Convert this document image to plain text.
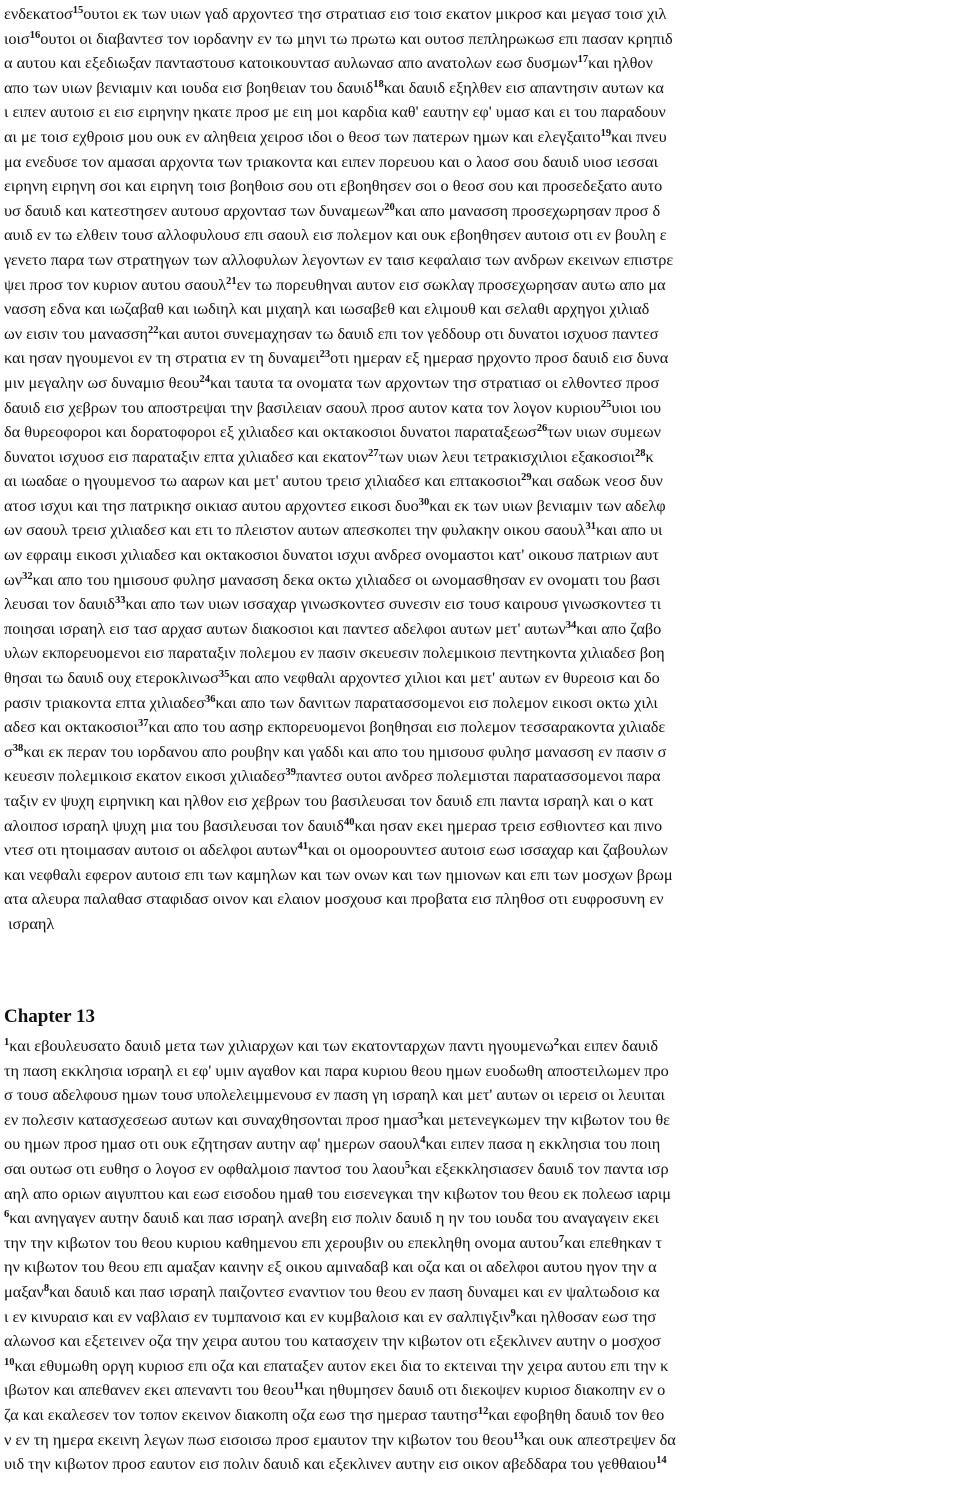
ενδεκατοσ$^{15}$ουτοι εκ των υιων γαδ αρχοντεσ τησ στρατιασ εισ τοισ εκατον μικροσ και μεγασ τοισ χιλ
ιοισ$^{16}$ουτοι οι διαβαντεσ τον ιορδανην εν τω μηνι τω πρωτω και ουτοσ πεπληρωκωσ επι πασαν κρηπιδ
α αυτου και εξεδιωξαν πανταστουσ κατοικουντασ αυλωνασ απο ανατολων εωσ δυσμων$^{17}$και ηλθον
απο των υιων βενιαμιν και ιουδα εισ βοηθειαν του δαυιδ$^{18}$και δαυιδ εξηλθεν εισ απαντησιν αυτων κα
ι ειπεν αυτοισ ει εισ ειρηνην ηκατε προσ με ειη μοι καρδια καθ' εαυτην εφ' υμασ και ει του παραδουν
αι με τοισ εχθροισ μου ουκ εν αληθεια χειροσ ιδοι ο θεοσ των πατερων ημων και ελεγξαιτο$^{19}$και πνευ
μα ενεδυσε τον αμασαι αρχοντα των τριακοντα και ειπεν πορευου και ο λαοσ σου δαυιδ υιοσ ιεσσαι
ειρηνη ειρηνη σοι και ειρηνη τοισ βοηθοισ σου οτι εβοηθησεν σοι ο θεοσ σου και προσεδεξατο αυτο
υσ δαυιδ και κατεστησεν αυτουσ αρχοντασ των δυναμεων$^{20}$και απο μανασση προσεχωρησαν προσ δ
αυιδ εν τω ελθειν τουσ αλλοφυλουσ επι σαουλ εισ πολεμον και ουκ εβοηθησεν αυτοισ οτι εν βουλη ε
γενετο παρα των στρατηγων των αλλοφυλων λεγοντων εν ταισ κεφαλαισ των ανδρων εκεινων επιστρε
ψει προσ τον κυριον αυτου σαουλ$^{21}$εν τω πορευθηναι αυτον εισ σωκλαγ προσεχωρησαν αυτω απο μα
νασση εδνα και ιωζαβαθ και ιωδιηλ και μιχαηλ και ιωσαβεθ και ελιμουθ και σελαθι αρχηγοι χιλιαδ
ων εισιν του μανασση$^{22}$και αυτοι συνεμαχησαν τω δαυιδ επι τον γεδδουρ οτι δυνατοι ισχυοσ παντεσ
και ησαν ηγουμενοι εν τη στρατια εν τη δυναμει$^{23}$οτι ημεραν εξ ημερασ ηρχοντο προσ δαυιδ εισ δυνα
μιν μεγαλην ωσ δυναμισ θεου$^{24}$και ταυτα τα ονοματα των αρχοντων τησ στρατιασ οι ελθοντεσ προσ
δαυιδ εισ χεβρων του αποστρεψαι την βασιλειαν σαουλ προσ αυτον κατα τον λογον κυριου$^{25}$υιοι ιου
δα θυρεοφοροι και δορατοφοροι εξ χιλιαδεσ και οκτακοσιοι δυνατοι παραταξεωσ$^{26}$των υιων συμεων
δυνατοι ισχυοσ εισ παραταξιν επτα χιλιαδεσ και εκατον$^{27}$των υιων λευι τετρακισχιλιοι εξακοσιοι$^{28}$κ
αι ιωαδαε ο ηγουμενοσ τω ααρων και μετ' αυτου τρεισ χιλιαδεσ και επτακοσιοι$^{29}$και σαδωκ νεοσ δυν
ατοσ ισχυι και τησ πατρικησ οικιασ αυτου αρχοντεσ εικοσι δυο$^{30}$και εκ των υιων βενιαμιν των αδελφ
ων σαουλ τρεισ χιλιαδεσ και ετι το πλειστον αυτων απεσκοπει την φυλακην οικου σαουλ$^{31}$και απο υι
ων εφραιμ εικοσι χιλιαδεσ και οκτακοσιοι δυνατοι ισχυι ανδρεσ ονομαστοι κατ' οικουσ πατριων αυτ
$\omega\nu^{32}\kappa\alpha\iota$ απο του ημισουσ φυλησ μανασση δεκα οκτω χιλιαδεσ οι ωνομασθησαν εν ονοματι του βασι
λευσαι τον δαυιδ$^{33}$και απο των υιων ισσαχαρ γινωσκοντεσ συνεσιν εισ τουσ καιρουσ γινωσκοντεσ τι
ποιησαι ισραηλ εισ τασ αρχασ αυτων διακοσιοι και παντεσ αδελφοι αυτων μετ' αυτων$^{34}$και απο ζαβο
υλων εκπορευομενοι εισ παραταξιν πολεμου εν πασιν σκευεσιν πολεμικοισ πεντηκοντα χιλιαδεσ βοη
θησαι τω δαυιδ ουχ ετεροκλινωσ$^{35}$και απο νεφθαλι αρχοντεσ χιλιοι και μετ' αυτων εν θυρεοισ και δο
ρασιν τριακοντα επτα χιλιαδεσ$^{36}$και απο των δανιτων παρατασσομενοι εισ πολεμον εικοσι οκτω χιλι
αδεσ και οκτακοσιοι$^{37}$και απο του ασηρ εκπορευομενοι βοηθησαι εισ πολεμον τεσσαρακοντα χιλιαδε
$\sigma^{38}\kappa\alpha\iota$ εκ περαν του ιορδανου απο ρουβην και γαδδι και απο του ημισουσ φυλησ μανασση εν πασιν σ
κευεσιν πολεμικοισ εκατον εικοσι χιλιαδεσ$^{39}$παντεσ ουτοι ανδρεσ πολεμισται παρατασσομενοι παρα
ταξιν εν ψυχη ειρηνικη και ηλθον εισ χεβρων του βασιλευσαι τον δαυιδ επι παντα ισραηλ και ο κατ
αλοιποσ ισραηλ ψυχη μια του βασιλευσαι τον δαυιδ$^{40}$και ησαν εκει ημερασ τρεισ εσθιοντεσ και πινο
ντεσ οτι ητοιμασαν αυτοισ οι αδελφοι αυτων$^{41}$και οι ομοορουντεσ αυτοισ εωσ ισσαχαρ και ζαβουλων
και νεφθαλι εφερον αυτοισ επι των καμηλων και των ονων και των ημιονων και επι των μοσχων βρωμ
ατα αλευρα παλαθασ σταφιδασ οινον και ελαιον μοσχουσ και προβατα εισ πληθοσ οτι ευφροσυνη εν
ισραηλ
Chapter 13
$^1$και εβουλευσατο δαυιδ μετα των χιλιαρχων και των εκατονταρχων παντι ηγουμενω$^2$και ειπεν δαυιδ
τη παση εκκλησια ισραηλ ει εφ' υμιν αγαθον και παρα κυριου θεου ημων ευοδωθη αποστειλωμεν προ
σ τουσ αδελφουσ ημων τουσ υπολελειμμενουσ εν παση γη ισραηλ και μετ' αυτων οι ιερεισ οι λευιται
εν πολεσιν κατασχεσεωσ αυτων και συναχθησονται προσ ημασ$^3$και μετενεγκωμεν την κιβωτον του θε
ου ημων προσ ημασ οτι ουκ εζητησαν αυτην αφ' ημερων σαουλ$^4$και ειπεν πασα η εκκλησια του ποιη
σαι ουτωσ οτι ευθησ ο λογοσ εν οφθαλμοισ παντοσ του λαου$^5$και εξεκκλησιασεν δαυιδ τον παντα ισρ
αηλ απο οριων αιγυπτου και εωσ εισοδου ημαθ του εισενεγκαι την κιβωτον του θεου εκ πολεωσ ιαριμ
$^6$και ανηγαγεν αυτην δαυιδ και πασ ισραηλ ανεβη εισ πολιν δαυιδ η ην του ιουδα του αναγαγειν εκει
την την κιβωτον του θεου κυριου καθημενου επι χερουβιν ου επεκληθη ονομα αυτου$^7$και επεθηκαν τ
ην κιβωτον του θεου επι αμαξαν καινην εξ οικου αμιναδαβ και οζα και οι αδελφοι αυτου ηγον την α
μαξαν$^8$και δαυιδ και πασ ισραηλ παιζοντεσ εναντιον του θεου εν παση δυναμει και εν ψαλτωδοισ κα
ι εν κινυραισ και εν ναβλαισ εν τυμπανοισ και εν κυμβαλοισ και εν σαλπιγξιν$^9$και ηλθοσαν εωσ τησ
αλωνοσ και εξετεινεν οζα την χειρα αυτου του κατασχειν την κιβωτον οτι εξεκλινεν αυτην ο μοσχοσ
$^{10}$και εθυμωθη οργη κυριοσ επι οζα και επαταξεν αυτον εκει δια το εκτειναι την χειρα αυτου επι την κ
ιβωτον και απεθανεν εκει απεναντι του θεου$^{11}$και ηθυμησεν δαυιδ οτι διεκοψεν κυριοσ διακοπην εν ο
ζα και εκαλεσεν τον τοπον εκεινον διακοπη οζα εωσ τησ ημερασ ταυτησ$^{12}$και εφοβηθη δαυιδ τον θεο
ν εν τη ημερα εκεινη λεγων πωσ εισοισω προσ εμαυτον την κιβωτον του θεου$^{13}$και ουκ απεστρεψεν δα
υιδ την κιβωτον προσ εαυτον εισ πολιν δαυιδ και εξεκλινεν αυτην εισ οικον αβεδδαρα του γεθθαιου$^{14}$
